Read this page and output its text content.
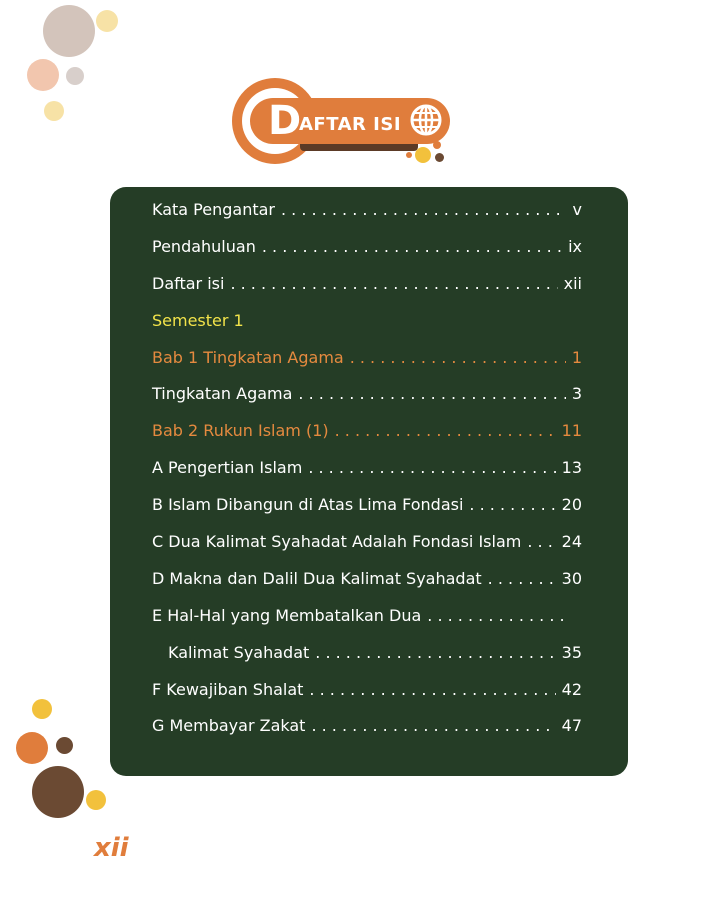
D
AFTAR ISI
Kata Pengantar . . .	v
Pendahuluan . . .	ix
Daftar isi . . .	xii
Semester 1
Bab 1 Tingkatan Agama . . .	1
Tingkatan Agama . . .	3
Bab 2 Rukun Islam (1) . . .	11
A Pengertian Islam . . .	13
B Islam Dibangun di Atas Lima Fondasi . . .	20
C Dua Kalimat Syahadat Adalah Fondasi Islam . . .	24
D Makna dan Dalil Dua Kalimat Syahadat . . .	30
E Hal-Hal yang Membatalkan Dua
. . .
Kalimat Syahadat . . .	35
F Kewajiban Shalat . . .	42
G Membayar Zakat . . .	47
xii
